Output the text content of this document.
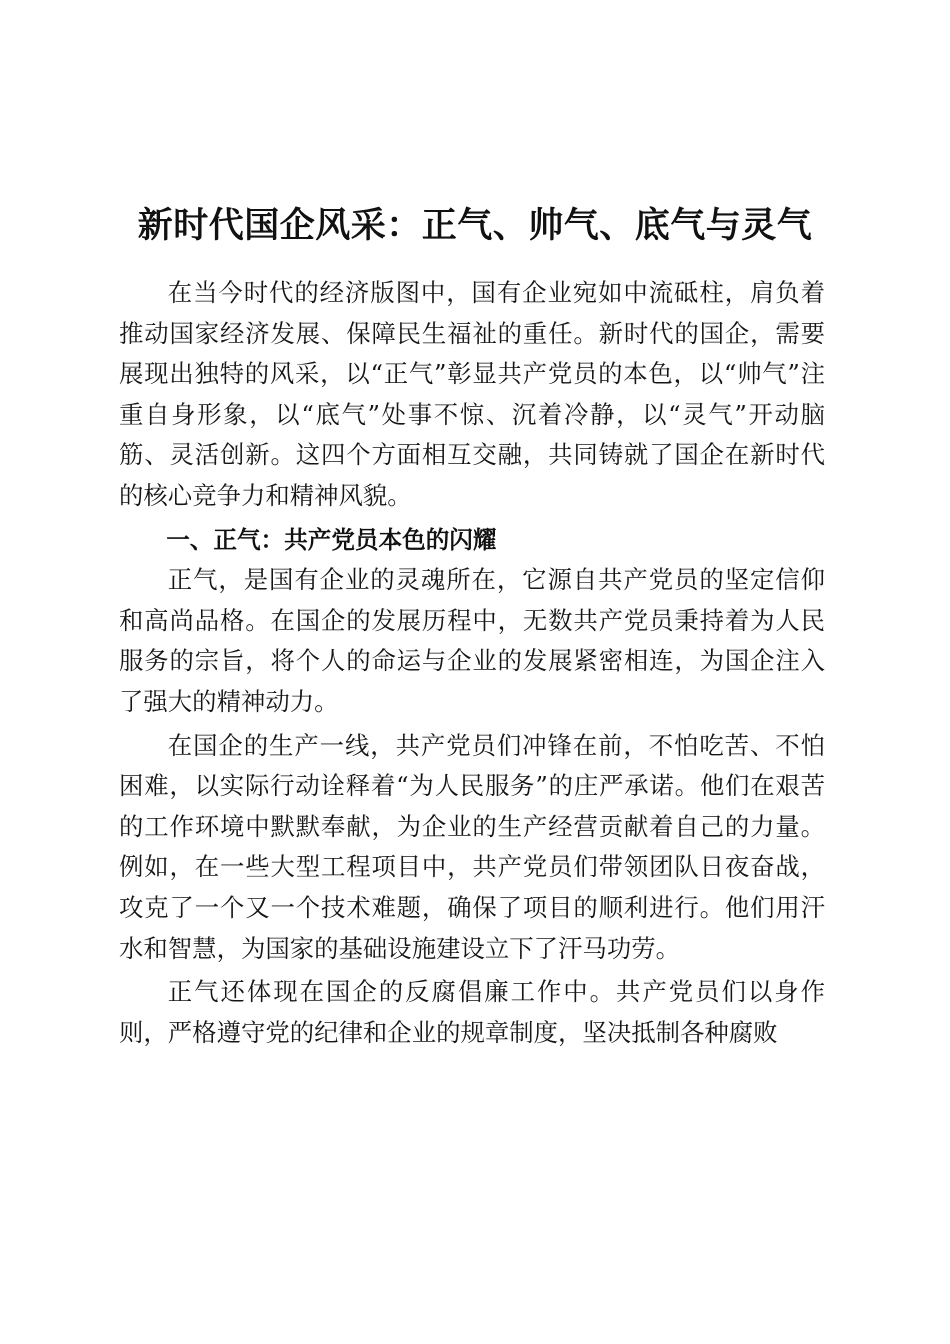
新时代国企风采：正气、帅气、底气与灵气

在当今时代的经济版图中，国有企业宛如中流砥柱，肩负着推动国家经济发展、保障民生福祉的重任。新时代的国企，需要展现出独特的风采，以“正气”彰显共产党员的本色，以“帅气”注重自身形象，以“底气”处事不惊、沉着冷静，以“灵气”开动脑筋、灵活创新。这四个方面相互交融，共同铸就了国企在新时代的核心竞争力和精神风貌。

一、正气：共产党员本色的闪耀

正气，是国有企业的灵魂所在，它源自共产党员的坚定信仰和高尚品格。在国企的发展历程中，无数共产党员秉持着为人民服务的宗旨，将个人的命运与企业的发展紧密相连，为国企注入了强大的精神动力。

在国企的生产一线，共产党员们冲锋在前，不怕吃苦、不怕困难，以实际行动诠释着“为人民服务”的庄严承诺。他们在艰苦的工作环境中默默奉献，为企业的生产经营贡献着自己的力量。例如，在一些大型工程项目中，共产党员们带领团队日夜奋战，攻克了一个又一个技术难题，确保了项目的顺利进行。他们用汗水和智慧，为国家的基础设施建设立下了汗马功劳。

正气还体现在国企的反腐倡廉工作中。共产党员们以身作则，严格遵守党的纪律和企业的规章制度，坚决抵制各种腐败
